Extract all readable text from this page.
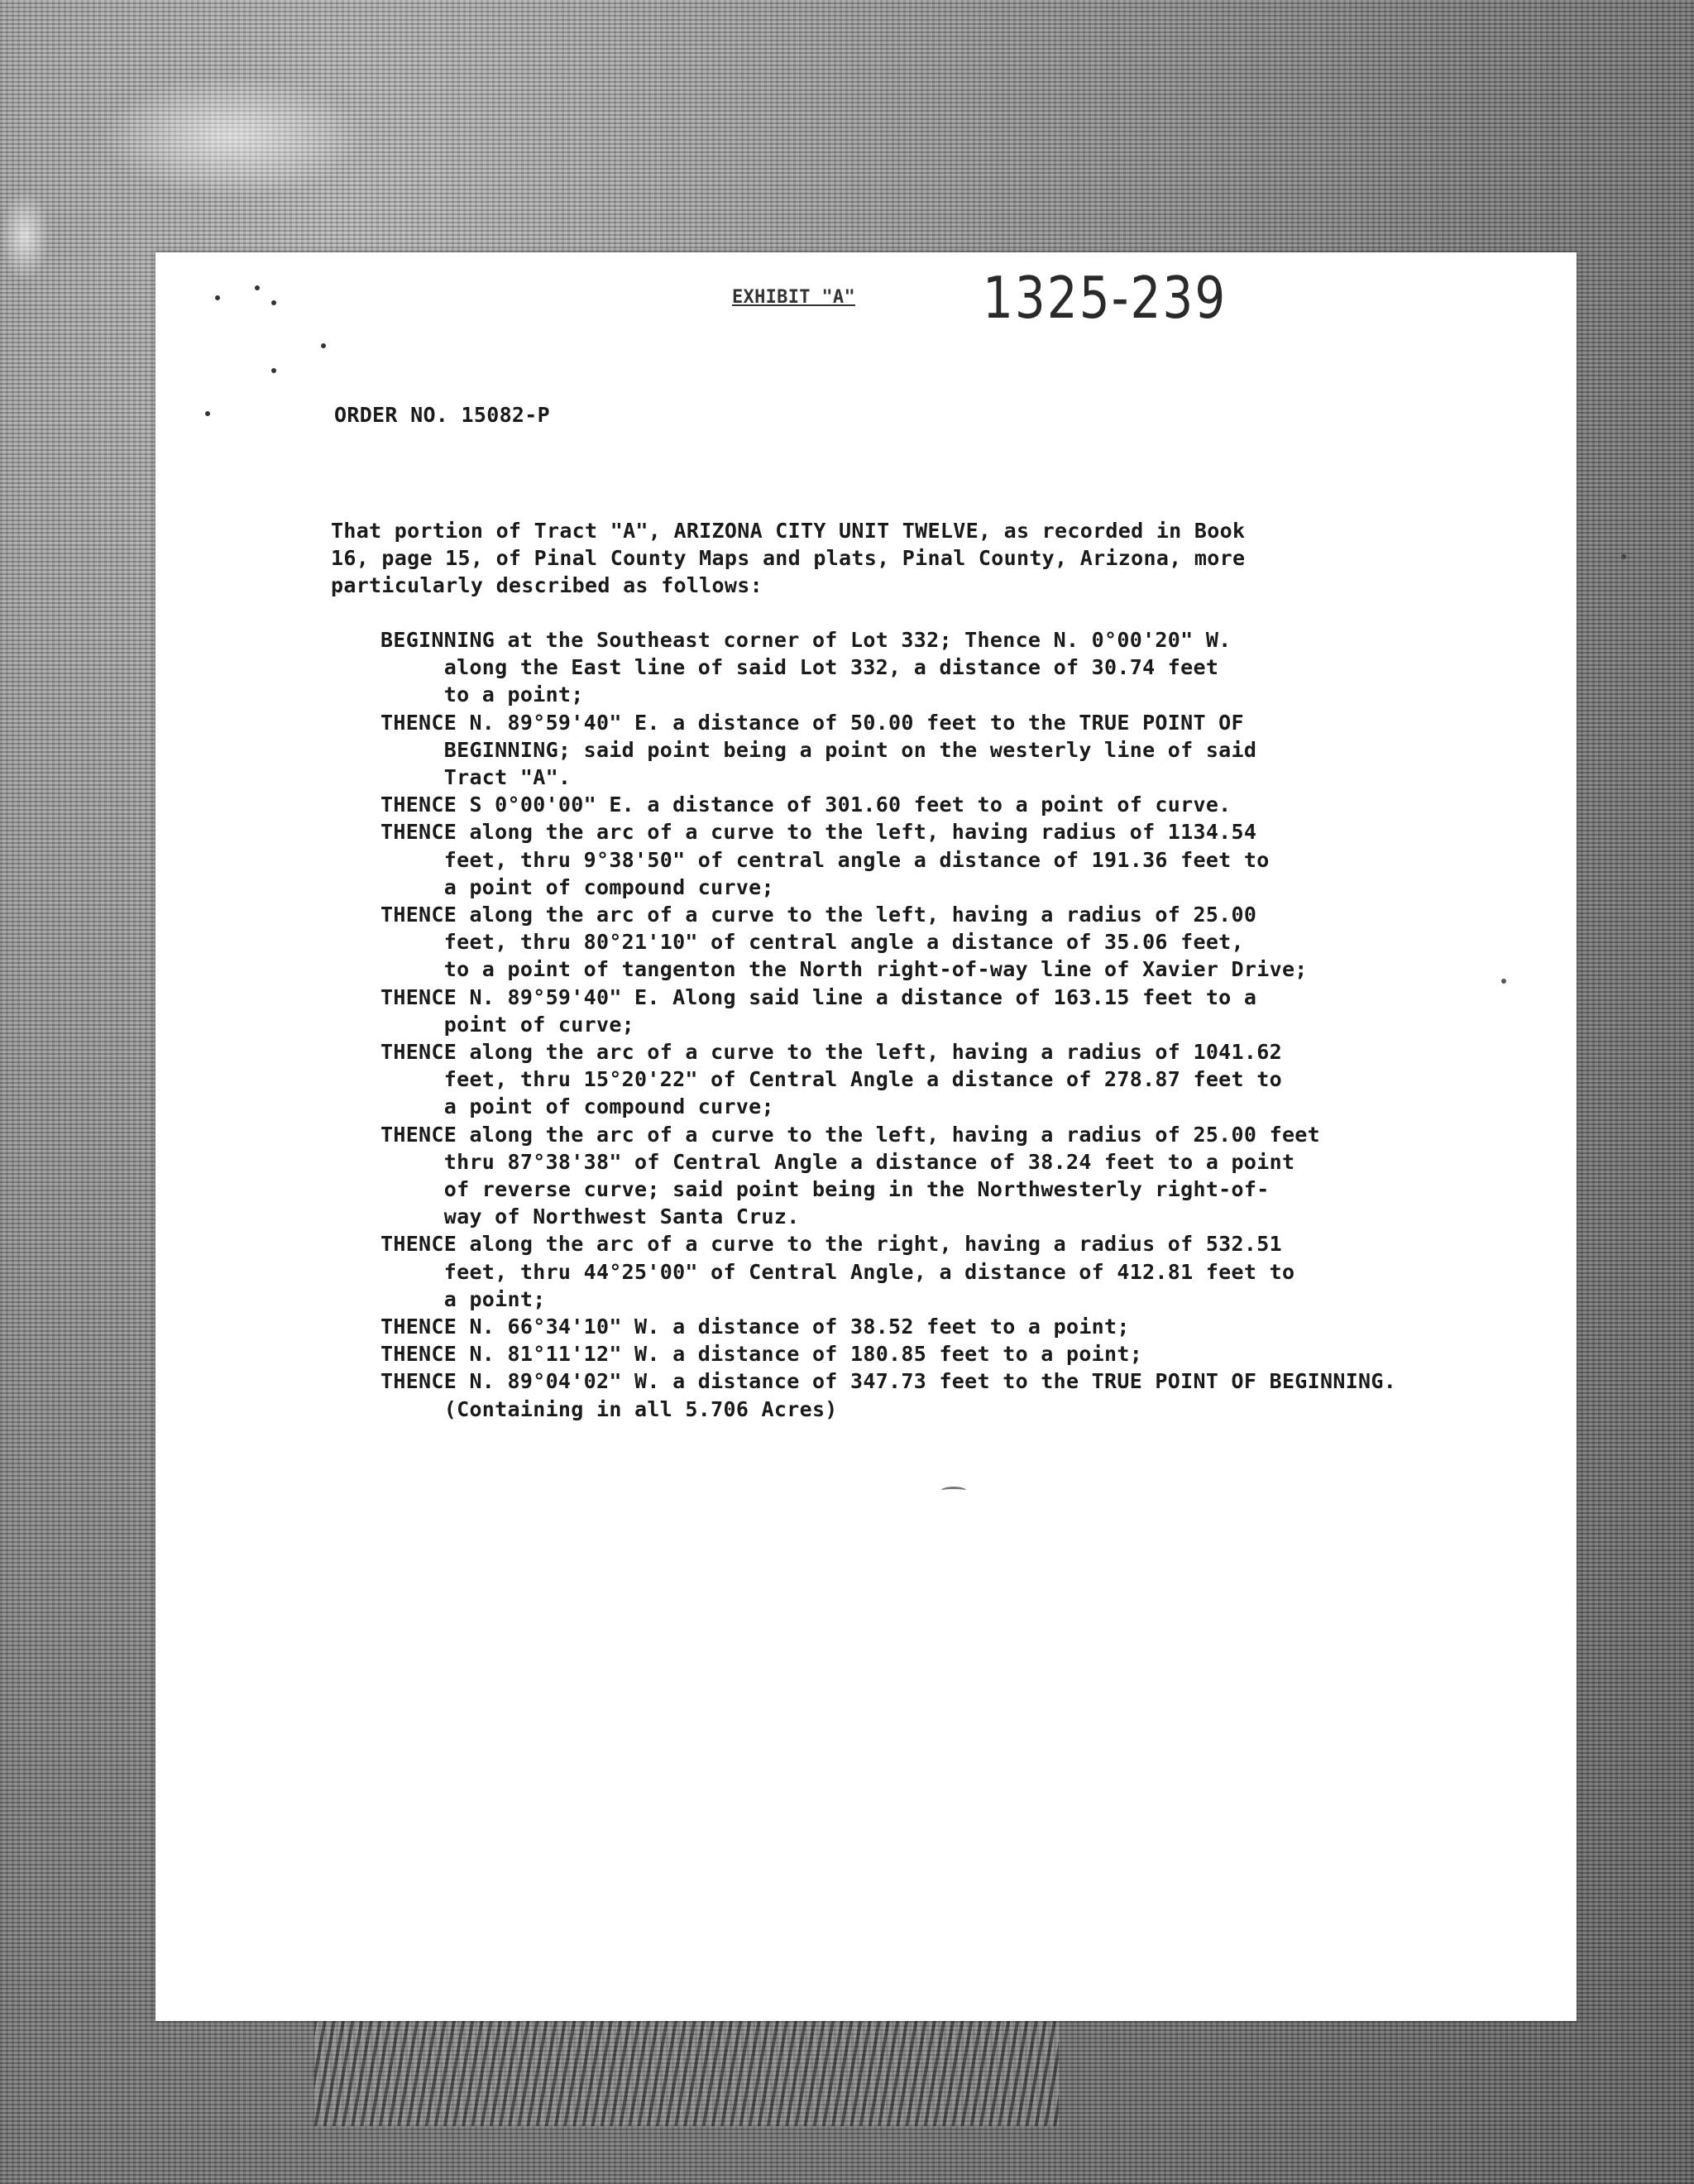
EXHIBIT "A"	1325-239
ORDER NO. 15082-P
That portion of Tract "A", ARIZONA CITY UNIT TWELVE, as recorded in Book
16, page 15, of Pinal County Maps and plats, Pinal County, Arizona, more
particularly described as follows:
BEGINNING at the Southeast corner of Lot 332; Thence N. 0°00'20" W.
along the East line of said Lot 332, a distance of 30.74 feet
to a point;
THENCE N. 89°59'40" E. a distance of 50.00 feet to the TRUE POINT OF
BEGINNING; said point being a point on the westerly line of said
Tract "A".
THENCE S 0°00'00" E. a distance of 301.60 feet to a point of curve.
THENCE along the arc of a curve to the left, having radius of 1134.54
feet, thru 9°38'50" of central angle a distance of 191.36 feet to
a point of compound curve;
THENCE along the arc of a curve to the left, having a radius of 25.00
feet, thru 80°21'10" of central angle a distance of 35.06 feet,
to a point of tangenton the North right-of-way line of Xavier Drive;
THENCE N. 89°59'40" E. Along said line a distance of 163.15 feet to a
point of curve;
THENCE along the arc of a curve to the left, having a radius of 1041.62
feet, thru 15°20'22" of Central Angle a distance of 278.87 feet to
a point of compound curve;
THENCE along the arc of a curve to the left, having a radius of 25.00 feet
thru 87°38'38" of Central Angle a distance of 38.24 feet to a point
of reverse curve; said point being in the Northwesterly right-of-
way of Northwest Santa Cruz.
THENCE along the arc of a curve to the right, having a radius of 532.51
feet, thru 44°25'00" of Central Angle, a distance of 412.81 feet to
a point;
THENCE N. 66°34'10" W. a distance of 38.52 feet to a point;
THENCE N. 81°11'12" W. a distance of 180.85 feet to a point;
THENCE N. 89°04'02" W. a distance of 347.73 feet to the TRUE POINT OF BEGINNING.
(Containing in all 5.706 Acres)
